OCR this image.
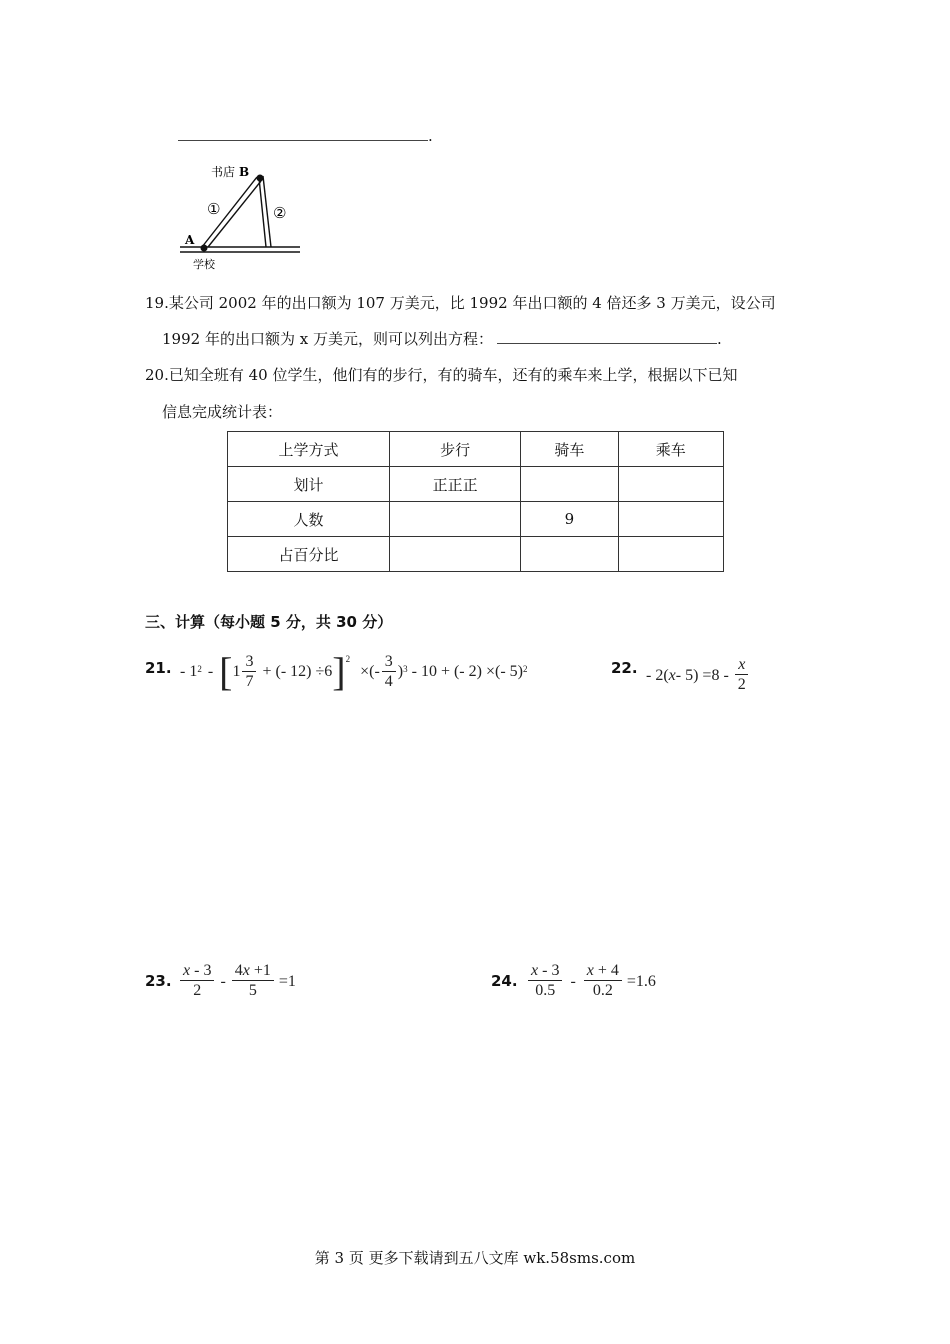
.
书店 B
A
学校
①	②
19.某公司 2002 年的出口额为 107 万美元，比 1992 年出口额的 4 倍还多 3 万美元，设公司
1992 年的出口额为 x 万美元，则可以列出方程：	.
20.已知全班有 40 位学生，他们有的步行，有的骑车，还有的乘车来上学，根据以下已知
信息完成统计表：
上学方式	步行	骑车	乘车
划计	正正正		
人数		9	
占百分比			
三、计算（每小题 5 分，共 30 分）
21. - 1 2 - [ $1 \frac{3}{7}$ + (- 12) ÷6 ]$^2$
×(- $\frac{3}{4}$ ) 3 - 10 + (- 2) ×(- 5) 2	22. - 2( $x - 5) =8 - \frac{x}{2}$
23. $\frac{x - 3}{2} - \frac{4x +1}{5} =1$	24. $\frac{x - 3}{0.5} - \frac{x + 4}{0.2} =1.6$
第 3 页 更多下载请到五八文库 wk.58sms.com
